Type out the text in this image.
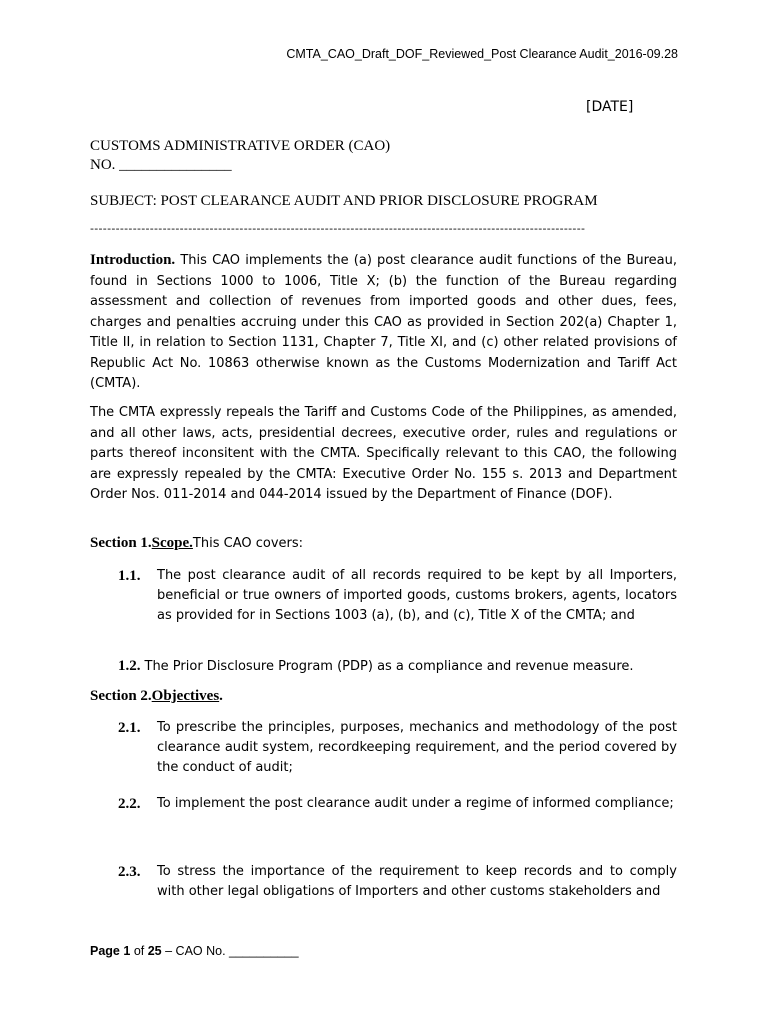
CMTA_CAO_Draft_DOF_Reviewed_Post Clearance Audit_2016-09.28
[DATE]
CUSTOMS ADMINISTRATIVE ORDER (CAO)
NO. _______________
SUBJECT: POST CLEARANCE AUDIT AND PRIOR DISCLOSURE PROGRAM
--------------------------------------------------------------------------------------------------------------------

Introduction. This CAO implements the (a) post clearance audit functions of the Bureau, found in Sections 1000 to 1006, Title X; (b) the function of the Bureau regarding assessment and collection of revenues from imported goods and other dues, fees, charges and penalties accruing under this CAO as provided in Section 202(a) Chapter 1, Title II, in relation to Section 1131, Chapter 7, Title XI, and (c) other related provisions of Republic Act No. 10863 otherwise known as the Customs Modernization and Tariff Act (CMTA).

The CMTA expressly repeals the Tariff and Customs Code of the Philippines, as amended, and all other laws, acts, presidential decrees, executive order, rules and regulations or parts thereof inconsitent with the CMTA. Specifically relevant to this CAO, the following are expressly repealed by the CMTA: Executive Order No. 155 s. 2013 and Department Order Nos. 011-2014 and 044-2014 issued by the Department of Finance (DOF).

Section 1.Scope.This CAO covers:
1.1.	The post clearance audit of all records required to be kept by all Importers, beneficial or true owners of imported goods, customs brokers, agents, locators as provided for in Sections 1003 (a), (b), and (c), Title X of the CMTA; and
1.2. The Prior Disclosure Program (PDP) as a compliance and revenue measure.
Section 2.Objectives.
2.1.	To prescribe the principles, purposes, mechanics and methodology of the post clearance audit system, recordkeeping requirement, and the period covered by the conduct of audit;
2.2.	To implement the post clearance audit under a regime of informed compliance;
2.3.	To stress the importance of the requirement to keep records and to comply with other legal obligations of Importers and other customs stakeholders and
Page 1 of 25 – CAO No. __________
